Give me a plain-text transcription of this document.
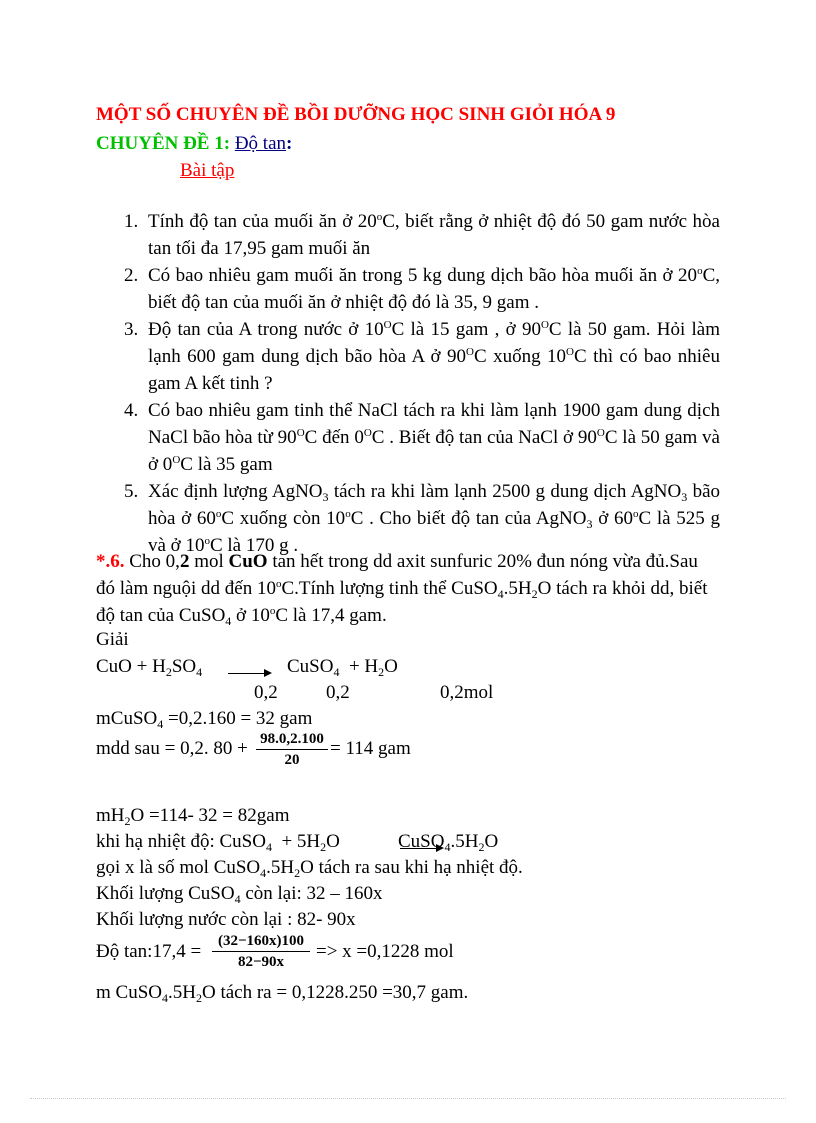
MỘT SỐ CHUYÊN ĐỀ BỒI DƯỠNG HỌC SINH GIỎI HÓA 9
CHUYÊN ĐỀ 1: Độ tan:
Bài tập
1. Tính độ tan của muối ăn ở 20$^o$C, biết rằng ở nhiệt độ đó 50 gam nước hòa tan tối đa 17,95 gam muối ăn
2. Có bao nhiêu gam muối ăn trong 5 kg dung dịch bão hòa muối ăn ở 20$^o$C, biết độ tan của muối ăn ở nhiệt độ đó là 35, 9 gam .
3. Độ tan của A trong nước ở $10^OC$ là 15 gam , ở $90^OC$ là 50 gam. Hỏi làm lạnh 600 gam dung dịch bão hòa A ở $90^OC$ xuống $10^OC$ thì có bao nhiêu gam A kết tinh ?
4. Có bao nhiêu gam tinh thể NaCl tách ra khi làm lạnh 1900 gam dung dịch NaCl bão hòa từ $90^OC$ đến $0^OC$ . Biết độ tan của NaCl ở $90^OC$ là 50 gam và ở $0^OC$ là 35 gam
5. Xác định lượng AgNO$_3$ tách ra khi làm lạnh 2500 g dung dịch AgNO$_3$ bão hòa ở 60$^o$C xuống còn 10$^o$C . Cho biết độ tan của AgNO$_3$ ở 60$^o$C là 525 g và ở 10$^o$C là 170 g .
*.6. Cho 0,2 mol CuO tan hết trong dd axit sunfuric 20% đun nóng vừa đủ.Sau đó làm nguội dd đến 10$^o$C.Tính lượng tinh thể $CuSO_4.5H_2O$ tách ra khỏi dd, biết độ tan của CuSO$_4$ ở 10$^o$C là 17,4 gam.
Giải
CuO + $H_2SO_4$
	CuSO$_4$  + $H_2O$
0,2	0,2	0,2mol
mCuSO$_4$ =0,2.160 = 32 gam
mdd sau = 0,2. 80 + 98.0,2.100
20
= 114 gam
$mH_2O =114-$ 32 = 82gam
khi hạ nhiệt độ: CuSO$_4$  + $5H_2O$	$CuSO_4.5H_2O$
gọi x là số mol $CuSO_4.5H_2O$ tách ra sau khi hạ nhiệt độ.
Khối lượng CuSO$_4$ còn lại: 32 – 160x
Khối lượng nước còn lại : 82- 90x
Độ tan:17,4 =	(32−160x)100
82−90x	=> x =0,1228 mol
m $CuSO_4.5H_2O$ tách ra = 0,1228.250 =30,7 gam.
